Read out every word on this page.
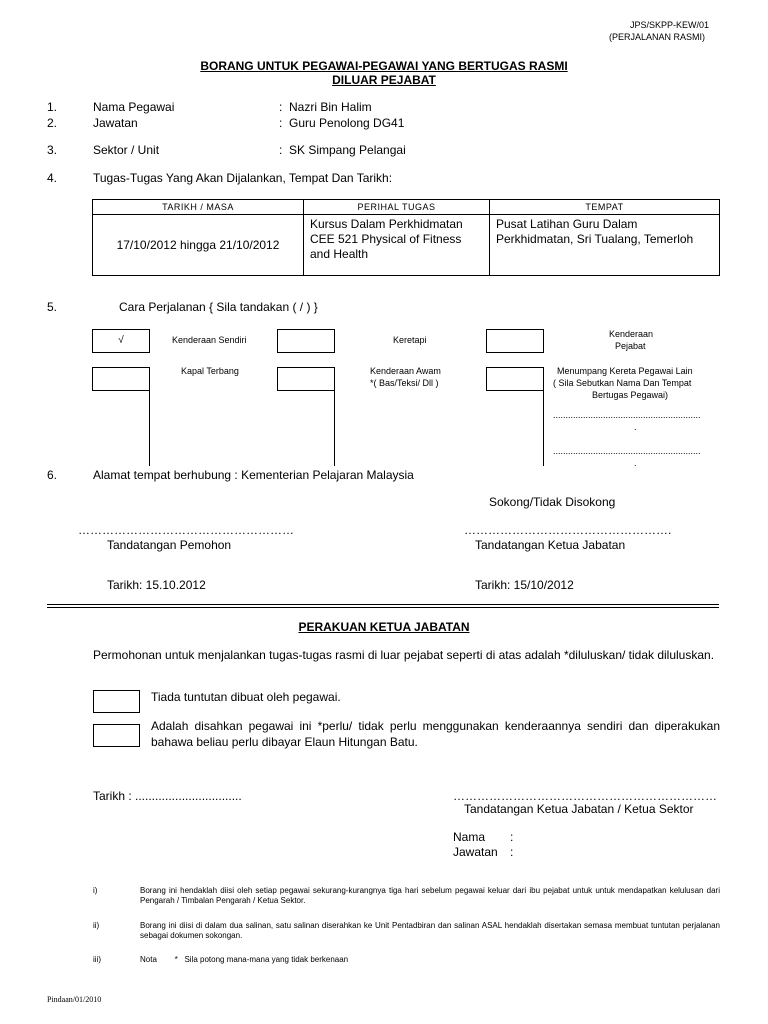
JPS/SKPP-KEW/01
(PERJALANAN RASMI)
BORANG UNTUK PEGAWAI-PEGAWAI YANG BERTUGAS RASMI
DILUAR PEJABAT
1.	Nama Pegawai	: Nazri Bin Halim
2.	Jawatan	: Guru Penolong DG41
3.	Sektor / Unit	: SK Simpang Pelangai
4.	Tugas-Tugas Yang Akan Dijalankan, Tempat Dan Tarikh:
TARIKH / MASA	PERIHAL TUGAS	TEMPAT
17/10/2012 hingga 21/10/2012	Kursus Dalam Perkhidmatan CEE 521 Physical of Fitness and Health	Pusat Latihan Guru Dalam Perkhidmatan, Sri Tualang, Temerloh
5.	Cara Perjalanan { Sila tandakan ( / ) }
√	Kenderaan Sendiri	Keretapi
Kenderaan
Pejabat
Kapal Terbang	Kenderaan Awam
*( Bas/Teksi/ Dll )
Menumpang Kereta Pegawai Lain
( Sila Sebutkan Nama Dan Tempat
Bertugas Pegawai)
...........................................................
.
...........................................................
.
6.	Alamat tempat berhubung : Kementerian Pelajaran Malaysia
Sokong/Tidak Disokong
………………………………………………	…………………………………………….
Tandatangan Pemohon	Tandatangan Ketua Jabatan
Tarikh: 15.10.2012	Tarikh: 15/10/2012
PERAKUAN KETUA JABATAN
Permohonan untuk menjalankan tugas-tugas rasmi di luar pejabat seperti di atas adalah *diluluskan/ tidak diluluskan.
Tiada tuntutan dibuat oleh pegawai.
Adalah disahkan pegawai ini *perlu/ tidak perlu menggunakan kenderaannya sendiri dan diperakukan bahawa beliau perlu dibayar Elaun Hitungan Batu.
Tarikh : ................................	…………………………………………………………
Tandatangan Ketua Jabatan / Ketua Sektor
Nama :
Jawatan :
i)	Borang ini hendaklah diisi oleh setiap pegawai sekurang-kurangnya tiga hari sebelum pegawai keluar dari ibu pejabat untuk untuk mendapatkan kelulusan dari Pengarah / Timbalan Pengarah / Ketua Sektor.
ii)	Borang ini diisi di dalam dua salinan, satu salinan diserahkan ke Unit Pentadbiran dan salinan ASAL hendaklah disertakan semasa membuat tuntutan perjalanan sebagai dokumen sokongan.
iii)	Nota        *   Sila potong mana-mana yang tidak berkenaan
Pindaan/01/2010
